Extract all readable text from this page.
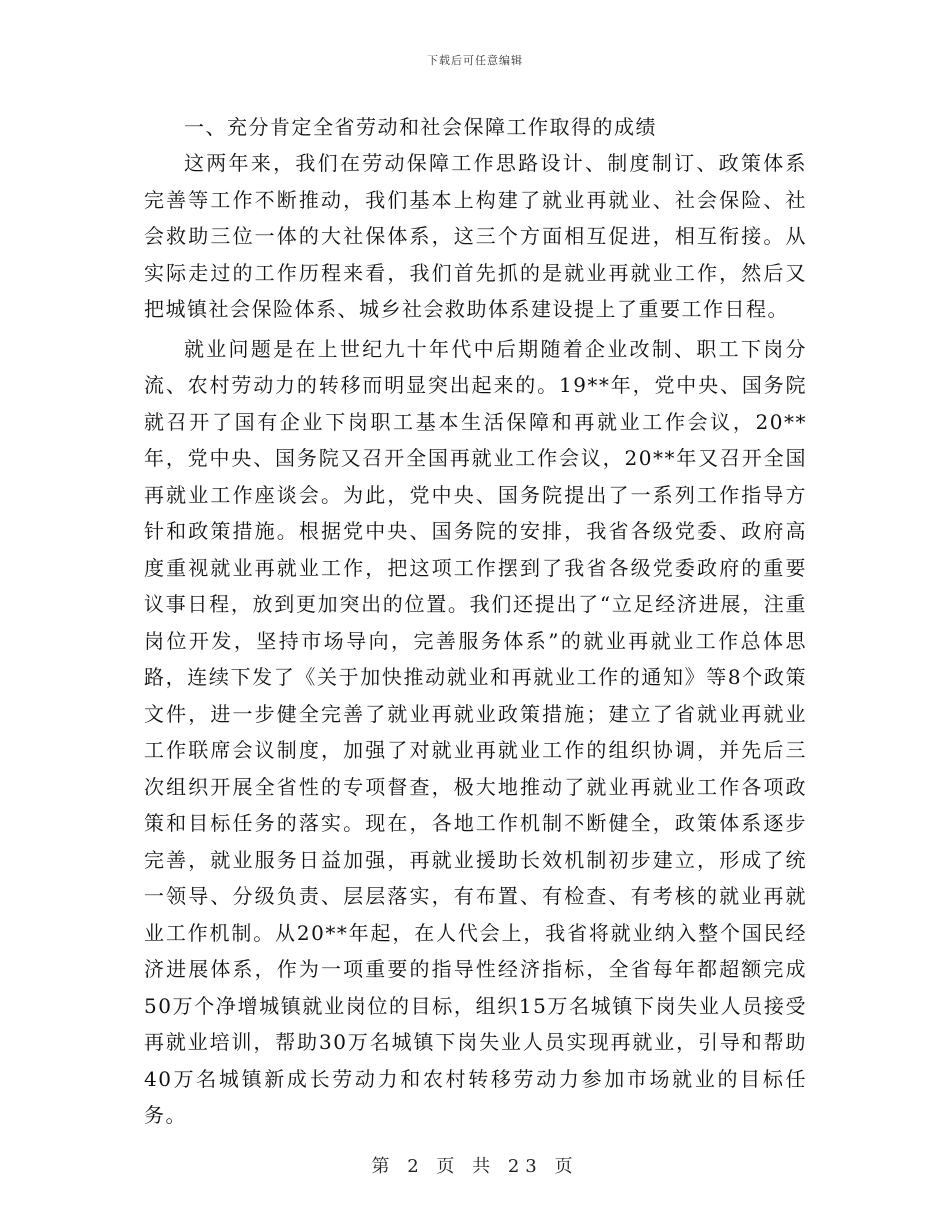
下载后可任意编辑

一、充分肯定全省劳动和社会保障工作取得的成绩

这两年来，我们在劳动保障工作思路设计、制度制订、政策体系完善等工作不断推动，我们基本上构建了就业再就业、社会保险、社会救助三位一体的大社保体系，这三个方面相互促进，相互衔接。从实际走过的工作历程来看，我们首先抓的是就业再就业工作，然后又把城镇社会保险体系、城乡社会救助体系建设提上了重要工作日程。

就业问题是在上世纪九十年代中后期随着企业改制、职工下岗分流、农村劳动力的转移而明显突出起来的。19**年，党中央、国务院就召开了国有企业下岗职工基本生活保障和再就业工作会议，20**年，党中央、国务院又召开全国再就业工作会议，20**年又召开全国再就业工作座谈会。为此，党中央、国务院提出了一系列工作指导方针和政策措施。根据党中央、国务院的安排，我省各级党委、政府高度重视就业再就业工作，把这项工作摆到了我省各级党委政府的重要议事日程，放到更加突出的位置。我们还提出了“立足经济进展，注重岗位开发，坚持市场导向，完善服务体系”的就业再就业工作总体思路，连续下发了《关于加快推动就业和再就业工作的通知》等8个政策文件，进一步健全完善了就业再就业政策措施；建立了省就业再就业工作联席会议制度，加强了对就业再就业工作的组织协调，并先后三次组织开展全省性的专项督查，极大地推动了就业再就业工作各项政策和目标任务的落实。现在，各地工作机制不断健全，政策体系逐步完善，就业服务日益加强，再就业援助长效机制初步建立，形成了统一领导、分级负责、层层落实，有布置、有检查、有考核的就业再就业工作机制。从20**年起，在人代会上，我省将就业纳入整个国民经济进展体系，作为一项重要的指导性经济指标，全省每年都超额完成50万个净增城镇就业岗位的目标，组织15万名城镇下岗失业人员接受再就业培训，帮助30万名城镇下岗失业人员实现再就业，引导和帮助40万名城镇新成长劳动力和农村转移劳动力参加市场就业的目标任务。

第 2 页 共 23 页
